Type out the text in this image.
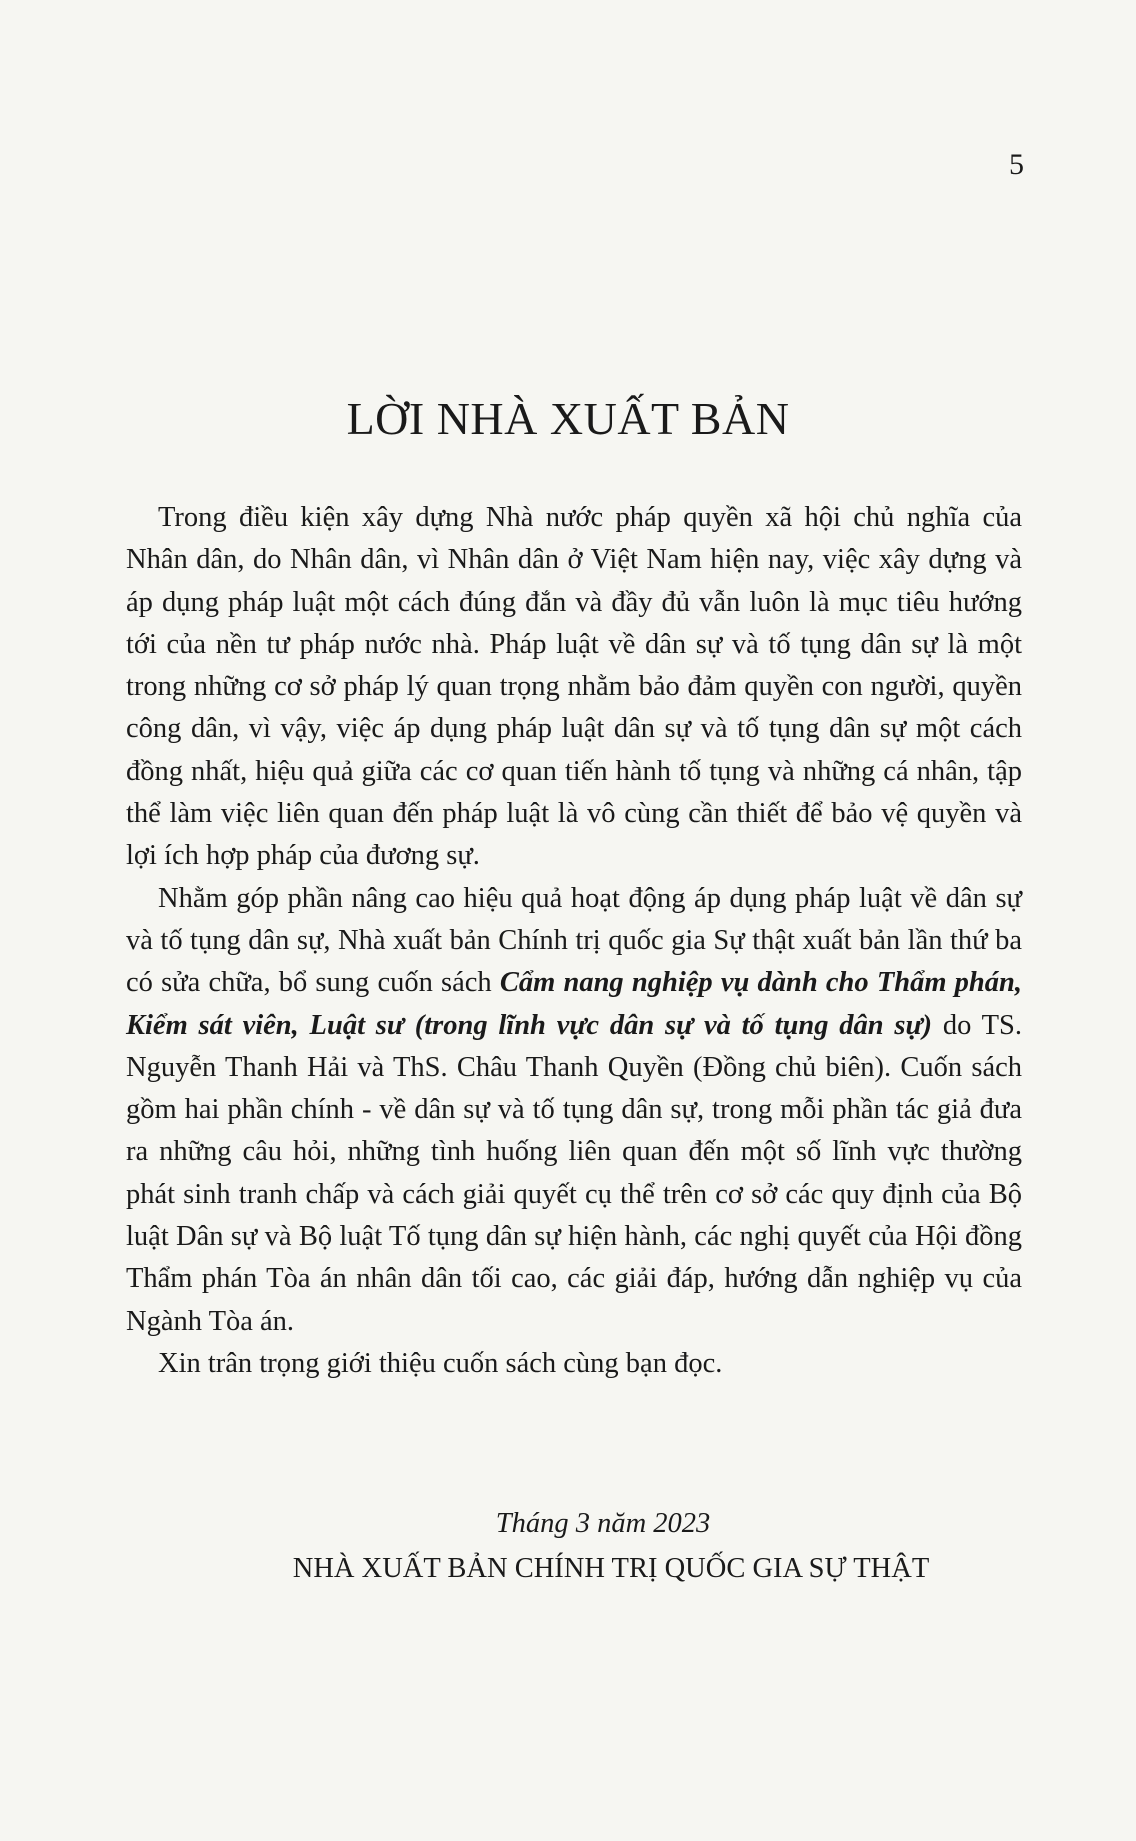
5
LỜI NHÀ XUẤT BẢN

Trong điều kiện xây dựng Nhà nước pháp quyền xã hội chủ nghĩa của Nhân dân, do Nhân dân, vì Nhân dân ở Việt Nam hiện nay, việc xây dựng và áp dụng pháp luật một cách đúng đắn và đầy đủ vẫn luôn là mục tiêu hướng tới của nền tư pháp nước nhà. Pháp luật về dân sự và tố tụng dân sự là một trong những cơ sở pháp lý quan trọng nhằm bảo đảm quyền con người, quyền công dân, vì vậy, việc áp dụng pháp luật dân sự và tố tụng dân sự một cách đồng nhất, hiệu quả giữa các cơ quan tiến hành tố tụng và những cá nhân, tập thể làm việc liên quan đến pháp luật là vô cùng cần thiết để bảo vệ quyền và lợi ích hợp pháp của đương sự.

Nhằm góp phần nâng cao hiệu quả hoạt động áp dụng pháp luật về dân sự và tố tụng dân sự, Nhà xuất bản Chính trị quốc gia Sự thật xuất bản lần thứ ba có sửa chữa, bổ sung cuốn sách Cẩm nang nghiệp vụ dành cho Thẩm phán, Kiểm sát viên, Luật sư (trong lĩnh vực dân sự và tố tụng dân sự) do TS. Nguyễn Thanh Hải và ThS. Châu Thanh Quyền (Đồng chủ biên). Cuốn sách gồm hai phần chính - về dân sự và tố tụng dân sự, trong mỗi phần tác giả đưa ra những câu hỏi, những tình huống liên quan đến một số lĩnh vực thường phát sinh tranh chấp và cách giải quyết cụ thể trên cơ sở các quy định của Bộ luật Dân sự và Bộ luật Tố tụng dân sự hiện hành, các nghị quyết của Hội đồng Thẩm phán Tòa án nhân dân tối cao, các giải đáp, hướng dẫn nghiệp vụ của Ngành Tòa án.

Xin trân trọng giới thiệu cuốn sách cùng bạn đọc.

Tháng 3 năm 2023
NHÀ XUẤT BẢN CHÍNH TRỊ QUỐC GIA SỰ THẬT
